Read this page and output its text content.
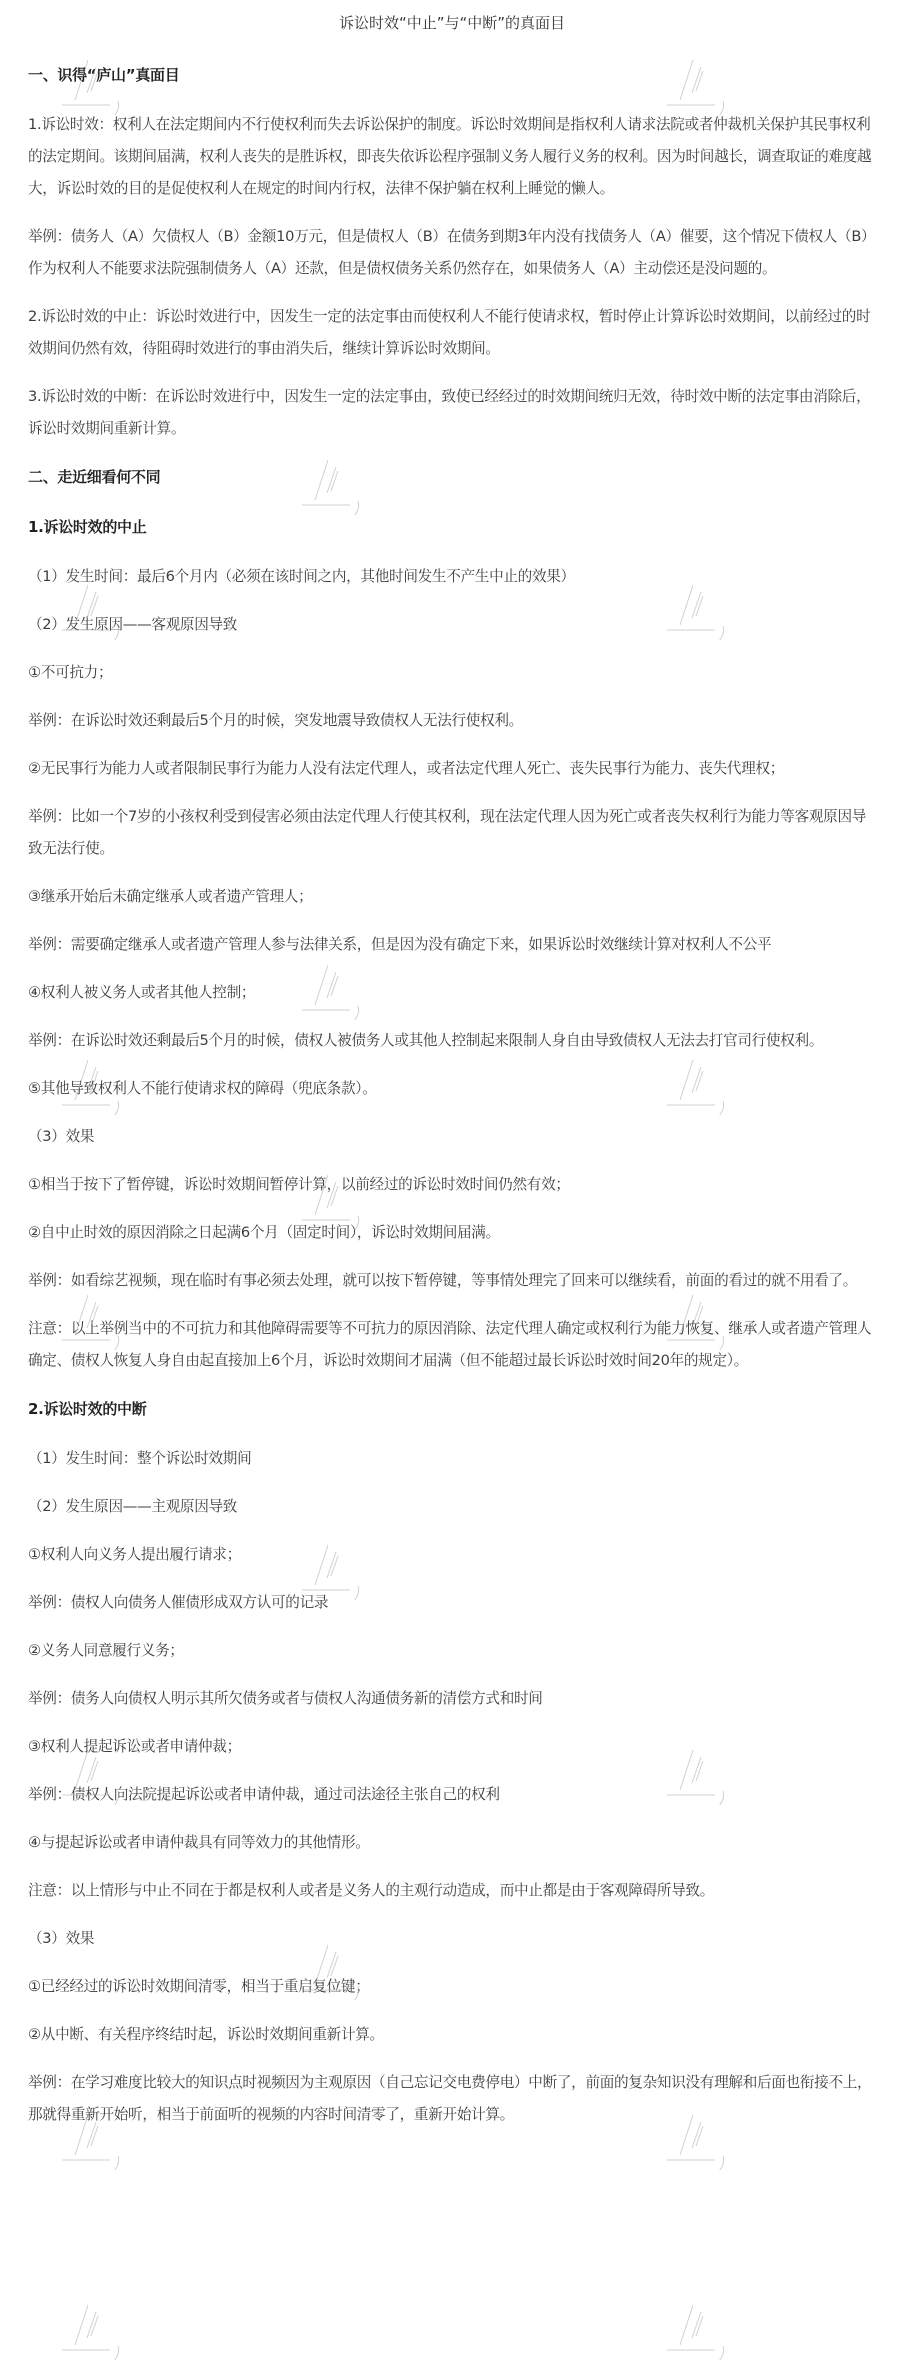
诉讼时效“中止”与“中断”的真面目
一、识得“庐山”真面目
1.诉讼时效：权利人在法定期间内不行使权利而失去诉讼保护的制度。诉讼时效期间是指权利人请求法院或者仲裁机关保护其民事权利的法定期间。该期间届满，权利人丧失的是胜诉权，即丧失依诉讼程序强制义务人履行义务的权利。因为时间越长，调查取证的难度越大，诉讼时效的目的是促使权利人在规定的时间内行权，法律不保护躺在权利上睡觉的懒人。
举例：债务人（A）欠债权人（B）金额10万元，但是债权人（B）在债务到期3年内没有找债务人（A）催要，这个情况下债权人（B）作为权利人不能要求法院强制债务人（A）还款，但是债权债务关系仍然存在，如果债务人（A）主动偿还是没问题的。
2.诉讼时效的中止：诉讼时效进行中，因发生一定的法定事由而使权利人不能行使请求权，暂时停止计算诉讼时效期间，以前经过的时效期间仍然有效，待阻碍时效进行的事由消失后，继续计算诉讼时效期间。
3.诉讼时效的中断：在诉讼时效进行中，因发生一定的法定事由，致使已经经过的时效期间统归无效，待时效中断的法定事由消除后，诉讼时效期间重新计算。
二、走近细看何不同
1.诉讼时效的中止
（1）发生时间：最后6个月内（必须在该时间之内，其他时间发生不产生中止的效果）
（2）发生原因——客观原因导致
①不可抗力；
举例：在诉讼时效还剩最后5个月的时候，突发地震导致债权人无法行使权利。
②无民事行为能力人或者限制民事行为能力人没有法定代理人，或者法定代理人死亡、丧失民事行为能力、丧失代理权；
举例：比如一个7岁的小孩权利受到侵害必须由法定代理人行使其权利，现在法定代理人因为死亡或者丧失权利行为能力等客观原因导致无法行使。
③继承开始后未确定继承人或者遗产管理人；
举例：需要确定继承人或者遗产管理人参与法律关系，但是因为没有确定下来，如果诉讼时效继续计算对权利人不公平
④权利人被义务人或者其他人控制；
举例：在诉讼时效还剩最后5个月的时候，债权人被债务人或其他人控制起来限制人身自由导致债权人无法去打官司行使权利。
⑤其他导致权利人不能行使请求权的障碍（兜底条款）。
（3）效果
①相当于按下了暂停键，诉讼时效期间暂停计算，以前经过的诉讼时效时间仍然有效；
②自中止时效的原因消除之日起满6个月（固定时间），诉讼时效期间届满。
举例：如看综艺视频，现在临时有事必须去处理，就可以按下暂停键，等事情处理完了回来可以继续看，前面的看过的就不用看了。
注意：以上举例当中的不可抗力和其他障碍需要等不可抗力的原因消除、法定代理人确定或权利行为能力恢复、继承人或者遗产管理人确定、债权人恢复人身自由起直接加上6个月，诉讼时效期间才届满（但不能超过最长诉讼时效时间20年的规定）。
2.诉讼时效的中断
（1）发生时间：整个诉讼时效期间
（2）发生原因——主观原因导致
①权利人向义务人提出履行请求；
举例：债权人向债务人催债形成双方认可的记录
②义务人同意履行义务；
举例：债务人向债权人明示其所欠债务或者与债权人沟通债务新的清偿方式和时间
③权利人提起诉讼或者申请仲裁；
举例：债权人向法院提起诉讼或者申请仲裁，通过司法途径主张自己的权利
④与提起诉讼或者申请仲裁具有同等效力的其他情形。
注意：以上情形与中止不同在于都是权利人或者是义务人的主观行动造成，而中止都是由于客观障碍所导致。
（3）效果
①已经经过的诉讼时效期间清零，相当于重启复位键；
②从中断、有关程序终结时起，诉讼时效期间重新计算。
举例：在学习难度比较大的知识点时视频因为主观原因（自己忘记交电费停电）中断了，前面的复杂知识没有理解和后面也衔接不上，那就得重新开始听，相当于前面听的视频的内容时间清零了，重新开始计算。
